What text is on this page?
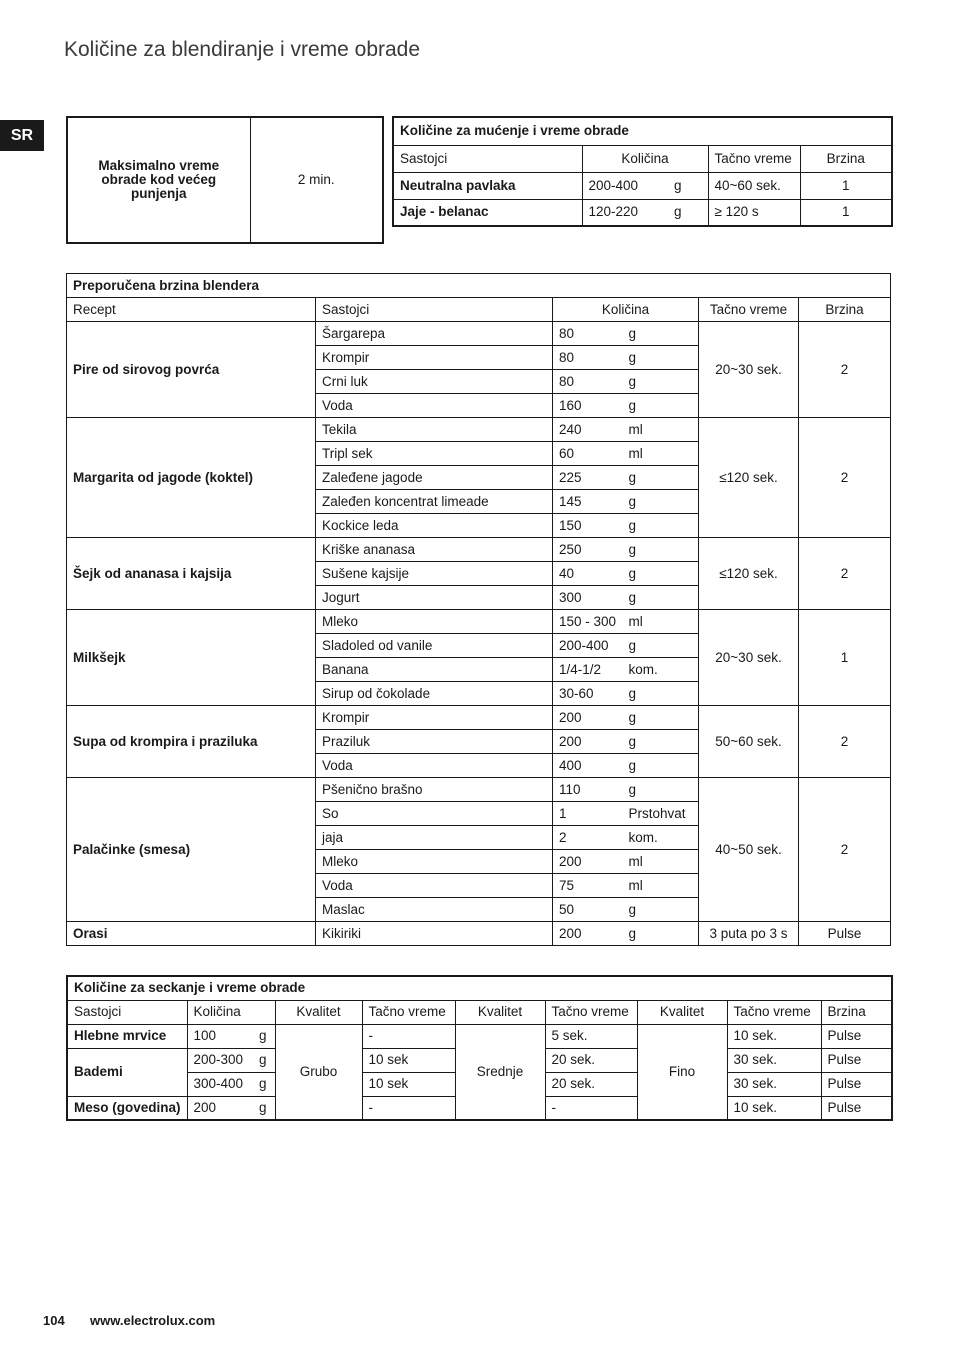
Količine za blendiranje i vreme obrade
SR
Maksimalno vreme obrade kod većeg punjenja	2 min.
Količine za mućenje i vreme obrade				
Sastojci	Količina		Tačno vreme	Brzina
Neutralna pavlaka	200-400	g	40~60 sek.	1
Jaje - belanac	120-220	g	≥ 120 s	1
Preporučena brzina blendera					
Recept	Sastojci	Količina		Tačno vreme	Brzina
Pire od sirovog povrća	Šargarepa	80	g	20~30 sek.	2
	Krompir	80	g		
	Crni luk	80	g		
	Voda	160	g		
Margarita od jagode (koktel)	Tekila	240	ml	≤120 sek.	2
	Tripl sek	60	ml		
	Zaleđene jagode	225	g		
	Zaleđen koncentrat limeade	145	g		
	Kockice leda	150	g		
Šejk od ananasa i kajsija	Kriške ananasa	250	g	≤120 sek.	2
	Sušene kajsije	40	g		
	Jogurt	300	g		
Milkšejk	Mleko	150 - 300	ml	20~30 sek.	1
	Sladoled od vanile	200-400	g		
	Banana	1/4-1/2	kom.		
	Sirup od čokolade	30-60	g		
Supa od krompira i praziluka	Krompir	200	g	50~60 sek.	2
	Praziluk	200	g		
	Voda	400	g		
Palačinke (smesa)	Pšenično brašno	110	g	40~50 sek.	2
	So	1	Prstohvat		
	jaja	2	kom.		
	Mleko	200	ml		
	Voda	75	ml		
	Maslac	50	g		
Orasi	Kikiriki	200	g	3 puta po 3 s	Pulse
Količine za seckanje i vreme obrade									
Sastojci	Količina		Kvalitet	Tačno vreme	Kvalitet	Tačno vreme	Kvalitet	Tačno vreme	Brzina
Hlebne mrvice	100	g	Grubo	-	Srednje	5 sek.	Fino	10 sek.	Pulse
Bademi	200-300	g		10 sek		20 sek.		30 sek.	Pulse
	300-400	g		10 sek		20 sek.		30 sek.	Pulse
Meso (govedina)	200	g		-		-		10 sek.	Pulse
104 www.electrolux.com
